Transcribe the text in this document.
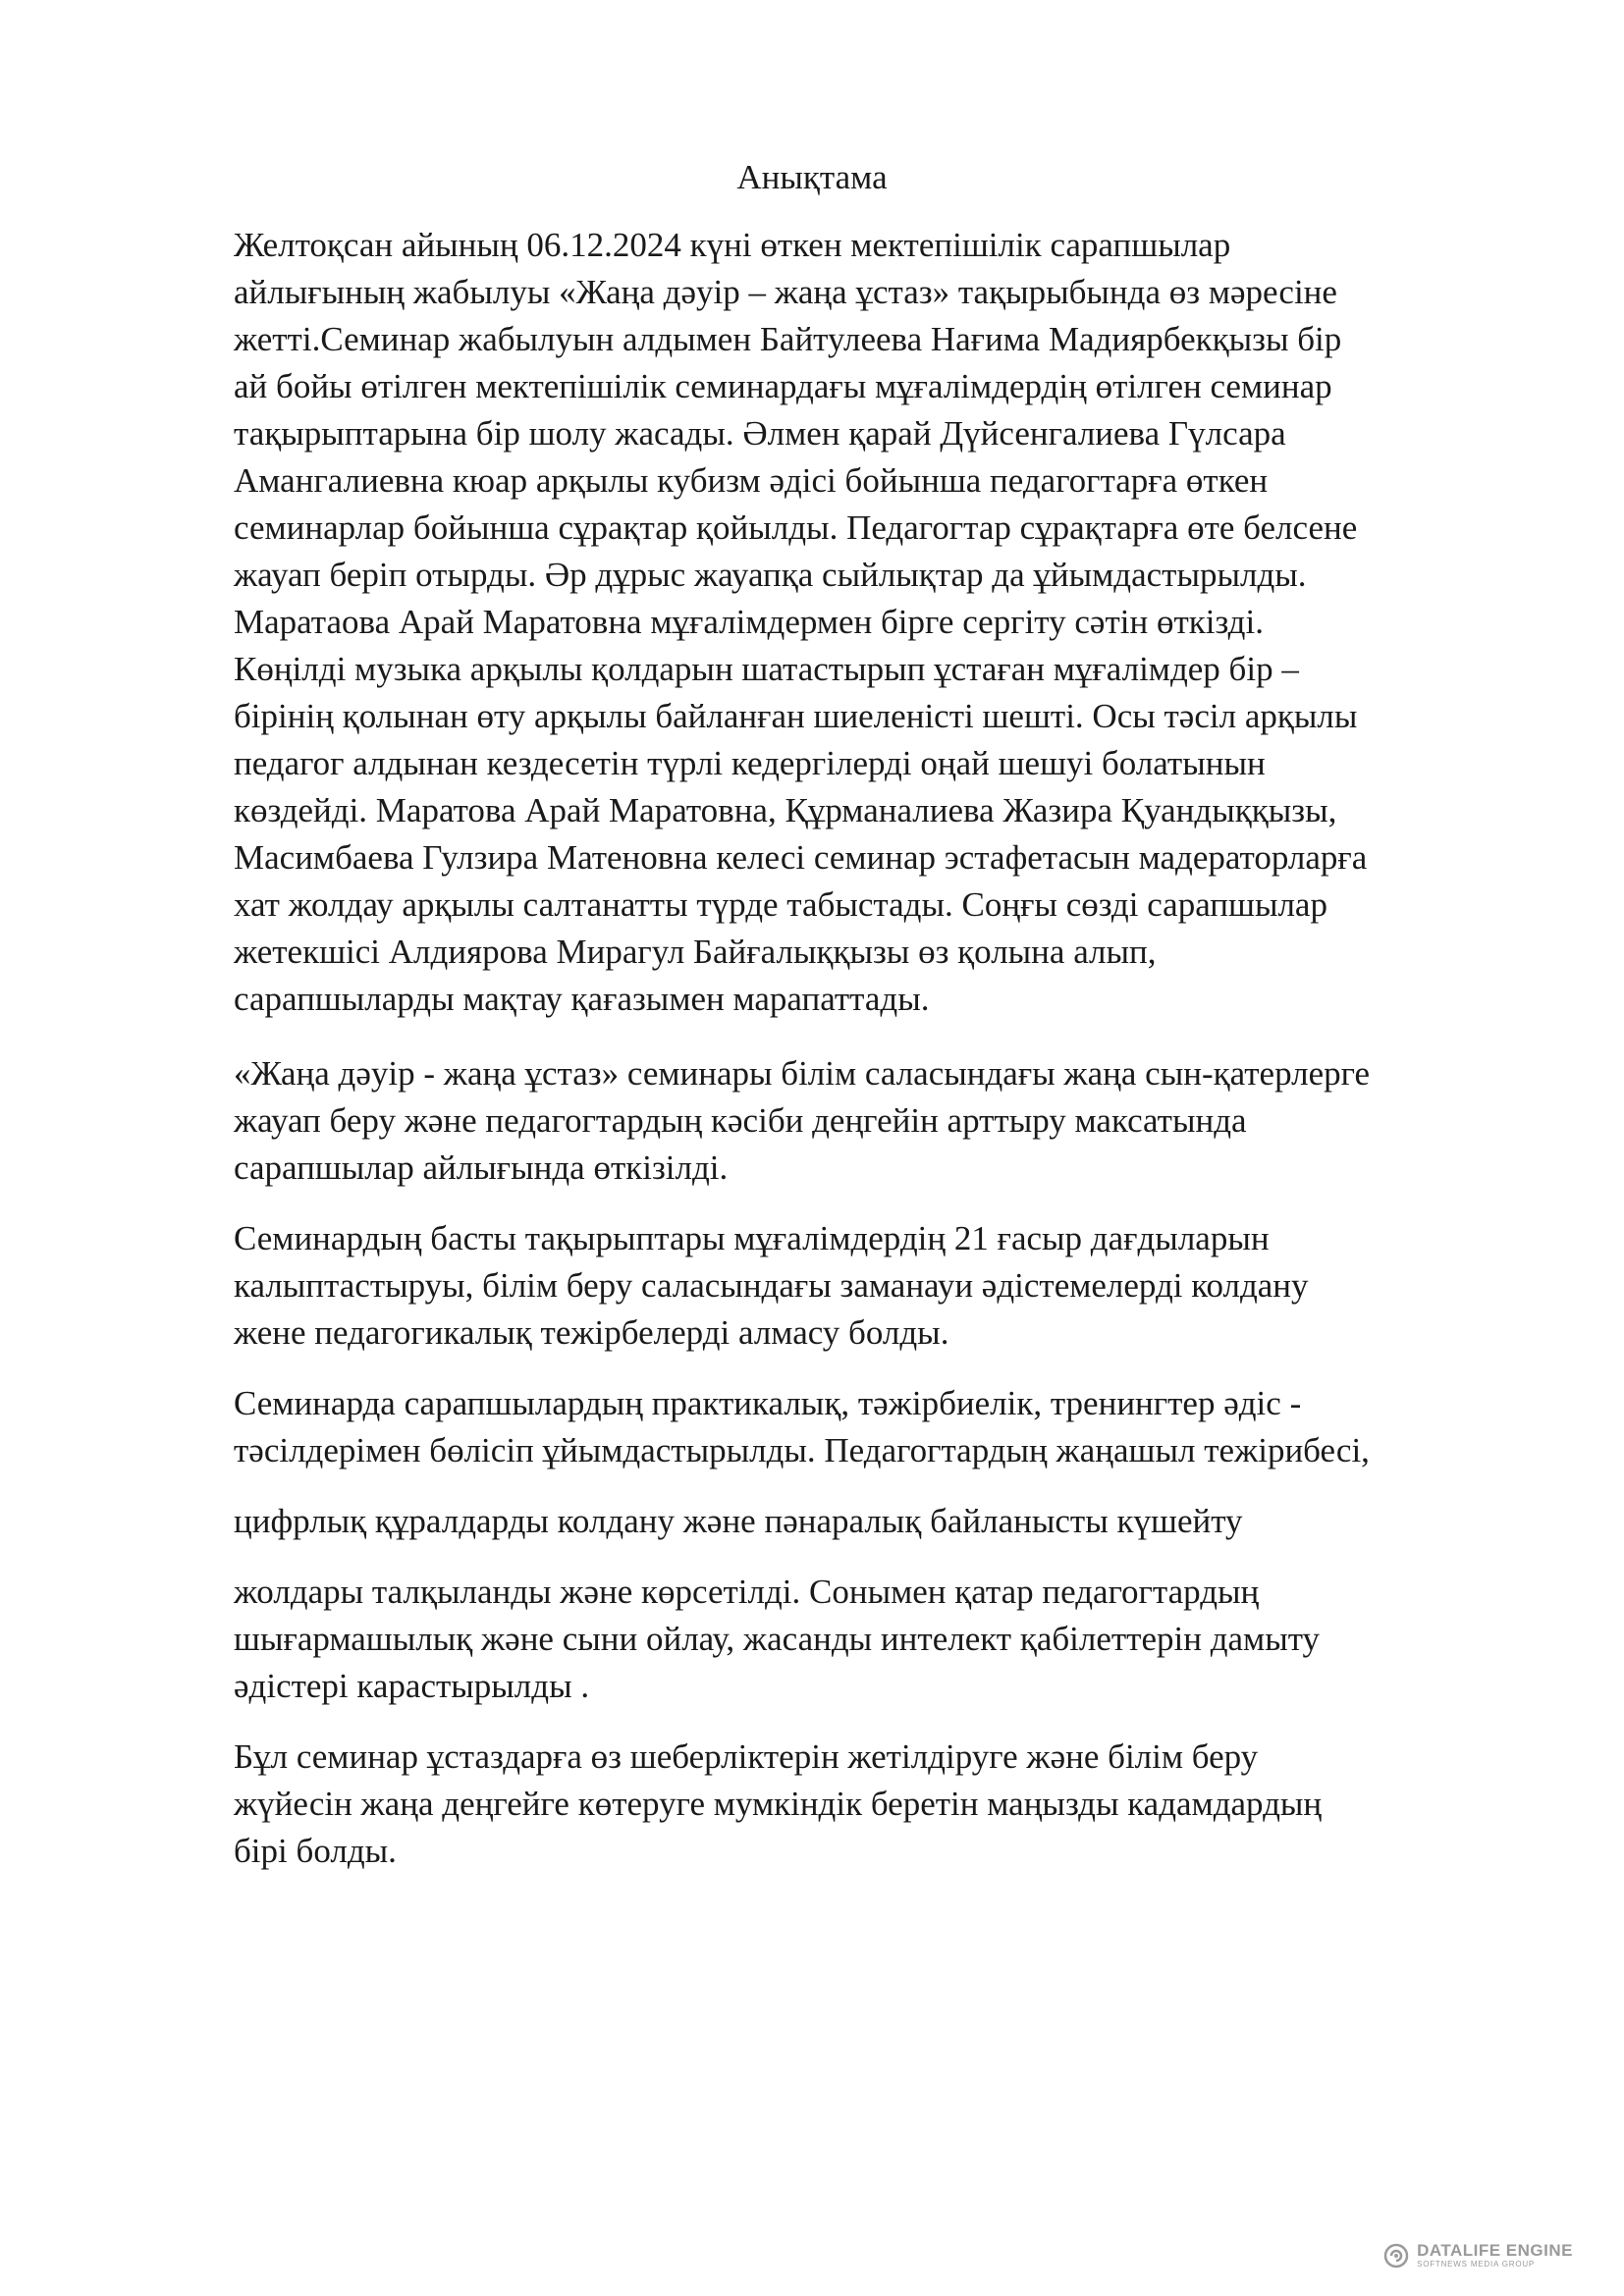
Анықтама

Желтоқсан айының 06.12.2024 күні өткен мектепішілік сарапшылар
айлығының жабылуы «Жаңа дәуір – жаңа ұстаз» тақырыбында өз мәресіне
жетті.Семинар жабылуын алдымен Байтулеева Нағима Мадиярбекқызы бір
ай бойы өтілген мектепішілік семинардағы мұғалімдердің өтілген семинар
тақырыптарына бір шолу жасады. Әлмен қарай Дүйсенгалиева Гүлсара
Амангалиевна кюар арқылы кубизм әдісі бойынша педагогтарға өткен
семинарлар бойынша сұрақтар қойылды. Педагогтар сұрақтарға өте белсене
жауап беріп отырды. Әр дұрыс жауапқа сыйлықтар да ұйымдастырылды.
Маратаова Арай Маратовна мұғалімдермен бірге сергіту сәтін өткізді.
Көңілді музыка арқылы қолдарын шатастырып ұстаған мұғалімдер бір –
бірінің қолынан өту арқылы байланған шиеленісті шешті. Осы тәсіл арқылы
педагог алдынан кездесетін түрлі кедергілерді оңай шешуі болатынын
көздейді. Маратова Арай Маратовна, Құрманалиева Жазира Қуандыққызы,
Масимбаева Гулзира Матеновна келесі семинар эстафетасын мадераторларға
хат жолдау арқылы салтанатты түрде табыстады. Соңғы сөзді сарапшылар
жетекшісі Алдиярова Мирагул Байғалыққызы өз қолына алып,
сарапшыларды мақтау қағазымен марапаттады.

«Жаңа дәуір - жаңа ұстаз» семинары білім саласындағы жаңа сын-қатерлерге
жауап беру және педагогтардың кәсіби деңгейін арттыру максатында
сарапшылар айлығында өткізілді.

Семинардың басты тақырыптары мұғалімдердің 21 ғасыр дағдыларын
калыптастыруы, білім беру саласындағы заманауи әдістемелерді колдану
жене педагогикалық тежірбелерді алмасу болды.

Семинарда сарапшылардың практикалық, тәжірбиелік, тренингтер әдіс -
тәсілдерімен бөлісіп ұйымдастырылды. Педагогтардың жаңашыл тежірибесі,

цифрлық құралдарды колдану және пәнаралық байланысты күшейту

жолдары талқыланды және көрсетілді. Сонымен қатар педагогтардың
шығармашылық және сыни ойлау, жасанды интелект қабілеттерін дамыту
әдістері карастырылды .

Бұл семинар ұстаздарға өз шеберліктерін жетілдіруге және білім беру
жүйесін жаңа деңгейге көтеруге мумкіндік беретін маңызды кадамдардың
бірі болды.

DATALIFE ENGINE
SOFTNEWS MEDIA GROUP
